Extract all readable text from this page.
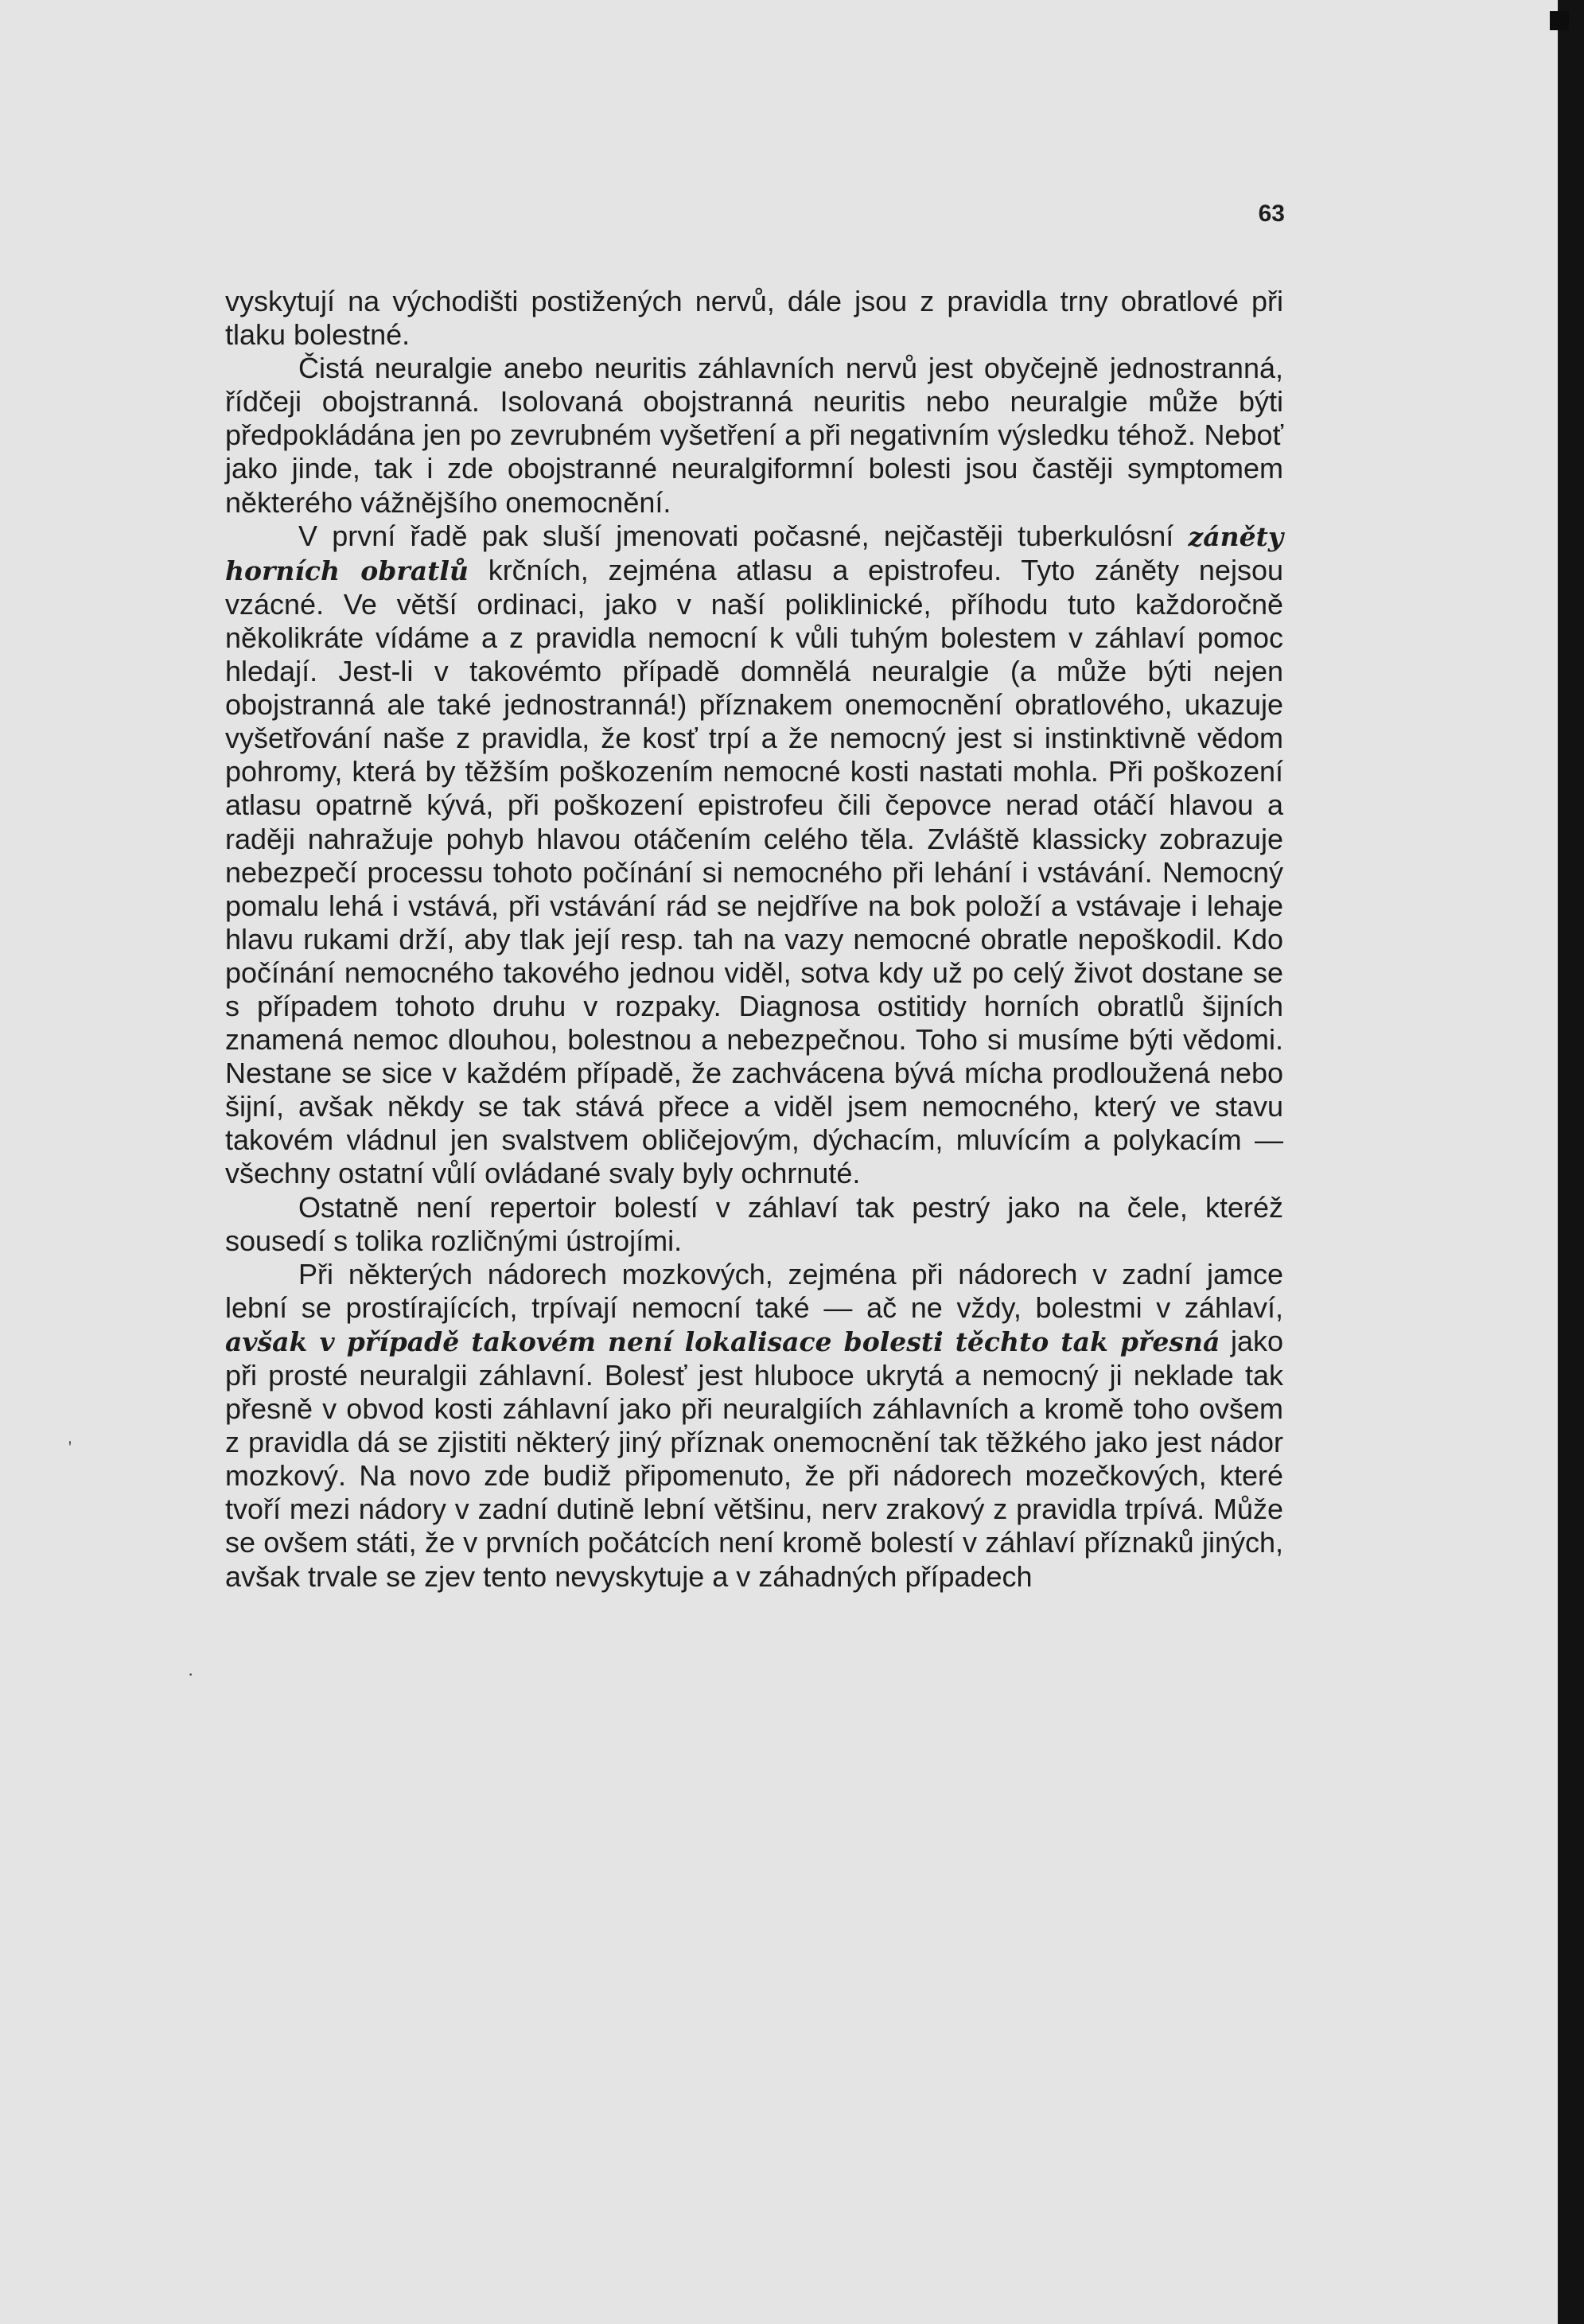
63

vyskytují na východišti postižených nervů, dále jsou z pravidla trny obratlové při tlaku bolestné.

Čistá neuralgie anebo neuritis záhlavních nervů jest obyčejně jednostranná, řídčeji obojstranná. Isolovaná obojstranná neuritis nebo neuralgie může býti předpokládána jen po zevrubném vyšetření a při negativním výsledku téhož. Neboť jako jinde, tak i zde obojstranné neuralgiformní bolesti jsou častěji symptomem některého vážnějšího onemocnění.

V první řadě pak sluší jmenovati počasné, nejčastěji tuberkulósní záněty horních obratlů krčních, zejména atlasu a epistrofeu. Tyto záněty nejsou vzácné. Ve větší ordinaci, jako v naší poliklinické, příhodu tuto každoročně několikráte vídáme a z pravidla nemocní k vůli tuhým bolestem v záhlaví pomoc hledají. Jest-li v takovémto případě domnělá neuralgie (a může býti nejen obojstranná ale také jednostranná!) příznakem onemocnění obratlového, ukazuje vyšetřování naše z pravidla, že kosť trpí a že nemocný jest si instinktivně vědom pohromy, která by těžším poškozením nemocné kosti nastati mohla. Při poškození atlasu opatrně kývá, při poškození epistrofeu čili čepovce nerad otáčí hlavou a raději nahražuje pohyb hlavou otáčením celého těla. Zvláště klassicky zobrazuje nebezpečí processu tohoto počínání si nemocného při lehání i vstávání. Nemocný pomalu lehá i vstává, při vstávání rád se nejdříve na bok položí a vstávaje i lehaje hlavu rukami drží, aby tlak její resp. tah na vazy nemocné obratle nepoškodil. Kdo počínání nemocného takového jednou viděl, sotva kdy už po celý život dostane se s případem tohoto druhu v rozpaky. Diagnosa ostitidy horních obratlů šijních znamená nemoc dlouhou, bolestnou a nebezpečnou. Toho si musíme býti vědomi. Nestane se sice v každém případě, že zachvácena bývá mícha prodloužená nebo šijní, avšak někdy se tak stává přece a viděl jsem nemocného, který ve stavu takovém vládnul jen svalstvem obličejovým, dýchacím, mluvícím a polykacím — všechny ostatní vůlí ovládané svaly byly ochrnuté.

Ostatně není repertoir bolestí v záhlaví tak pestrý jako na čele, kteréž sousedí s tolika rozličnými ústrojími.

Při některých nádorech mozkových, zejména při nádorech v zadní jamce lební se prostírajících, trpívají nemocní také — ač ne vždy, bolestmi v záhlaví, avšak v případě takovém není lokalisace bolesti těchto tak přesná jako při prosté neuralgii záhlavní. Bolesť jest hluboce ukrytá a nemocný ji neklade tak přesně v obvod kosti záhlavní jako při neuralgiích záhlavních a kromě toho ovšem z pravidla dá se zjistiti některý jiný příznak onemocnění tak těžkého jako jest nádor mozkový. Na novo zde budiž připomenuto, že při nádorech mozečkových, které tvoří mezi nádory v zadní dutině lební většinu, nerv zrakový z pravidla trpívá. Může se ovšem státi, že v prvních počátcích není kromě bolestí v záhlaví příznaků jiných, avšak trvale se zjev tento nevyskytuje a v záhadných případech

'
·
